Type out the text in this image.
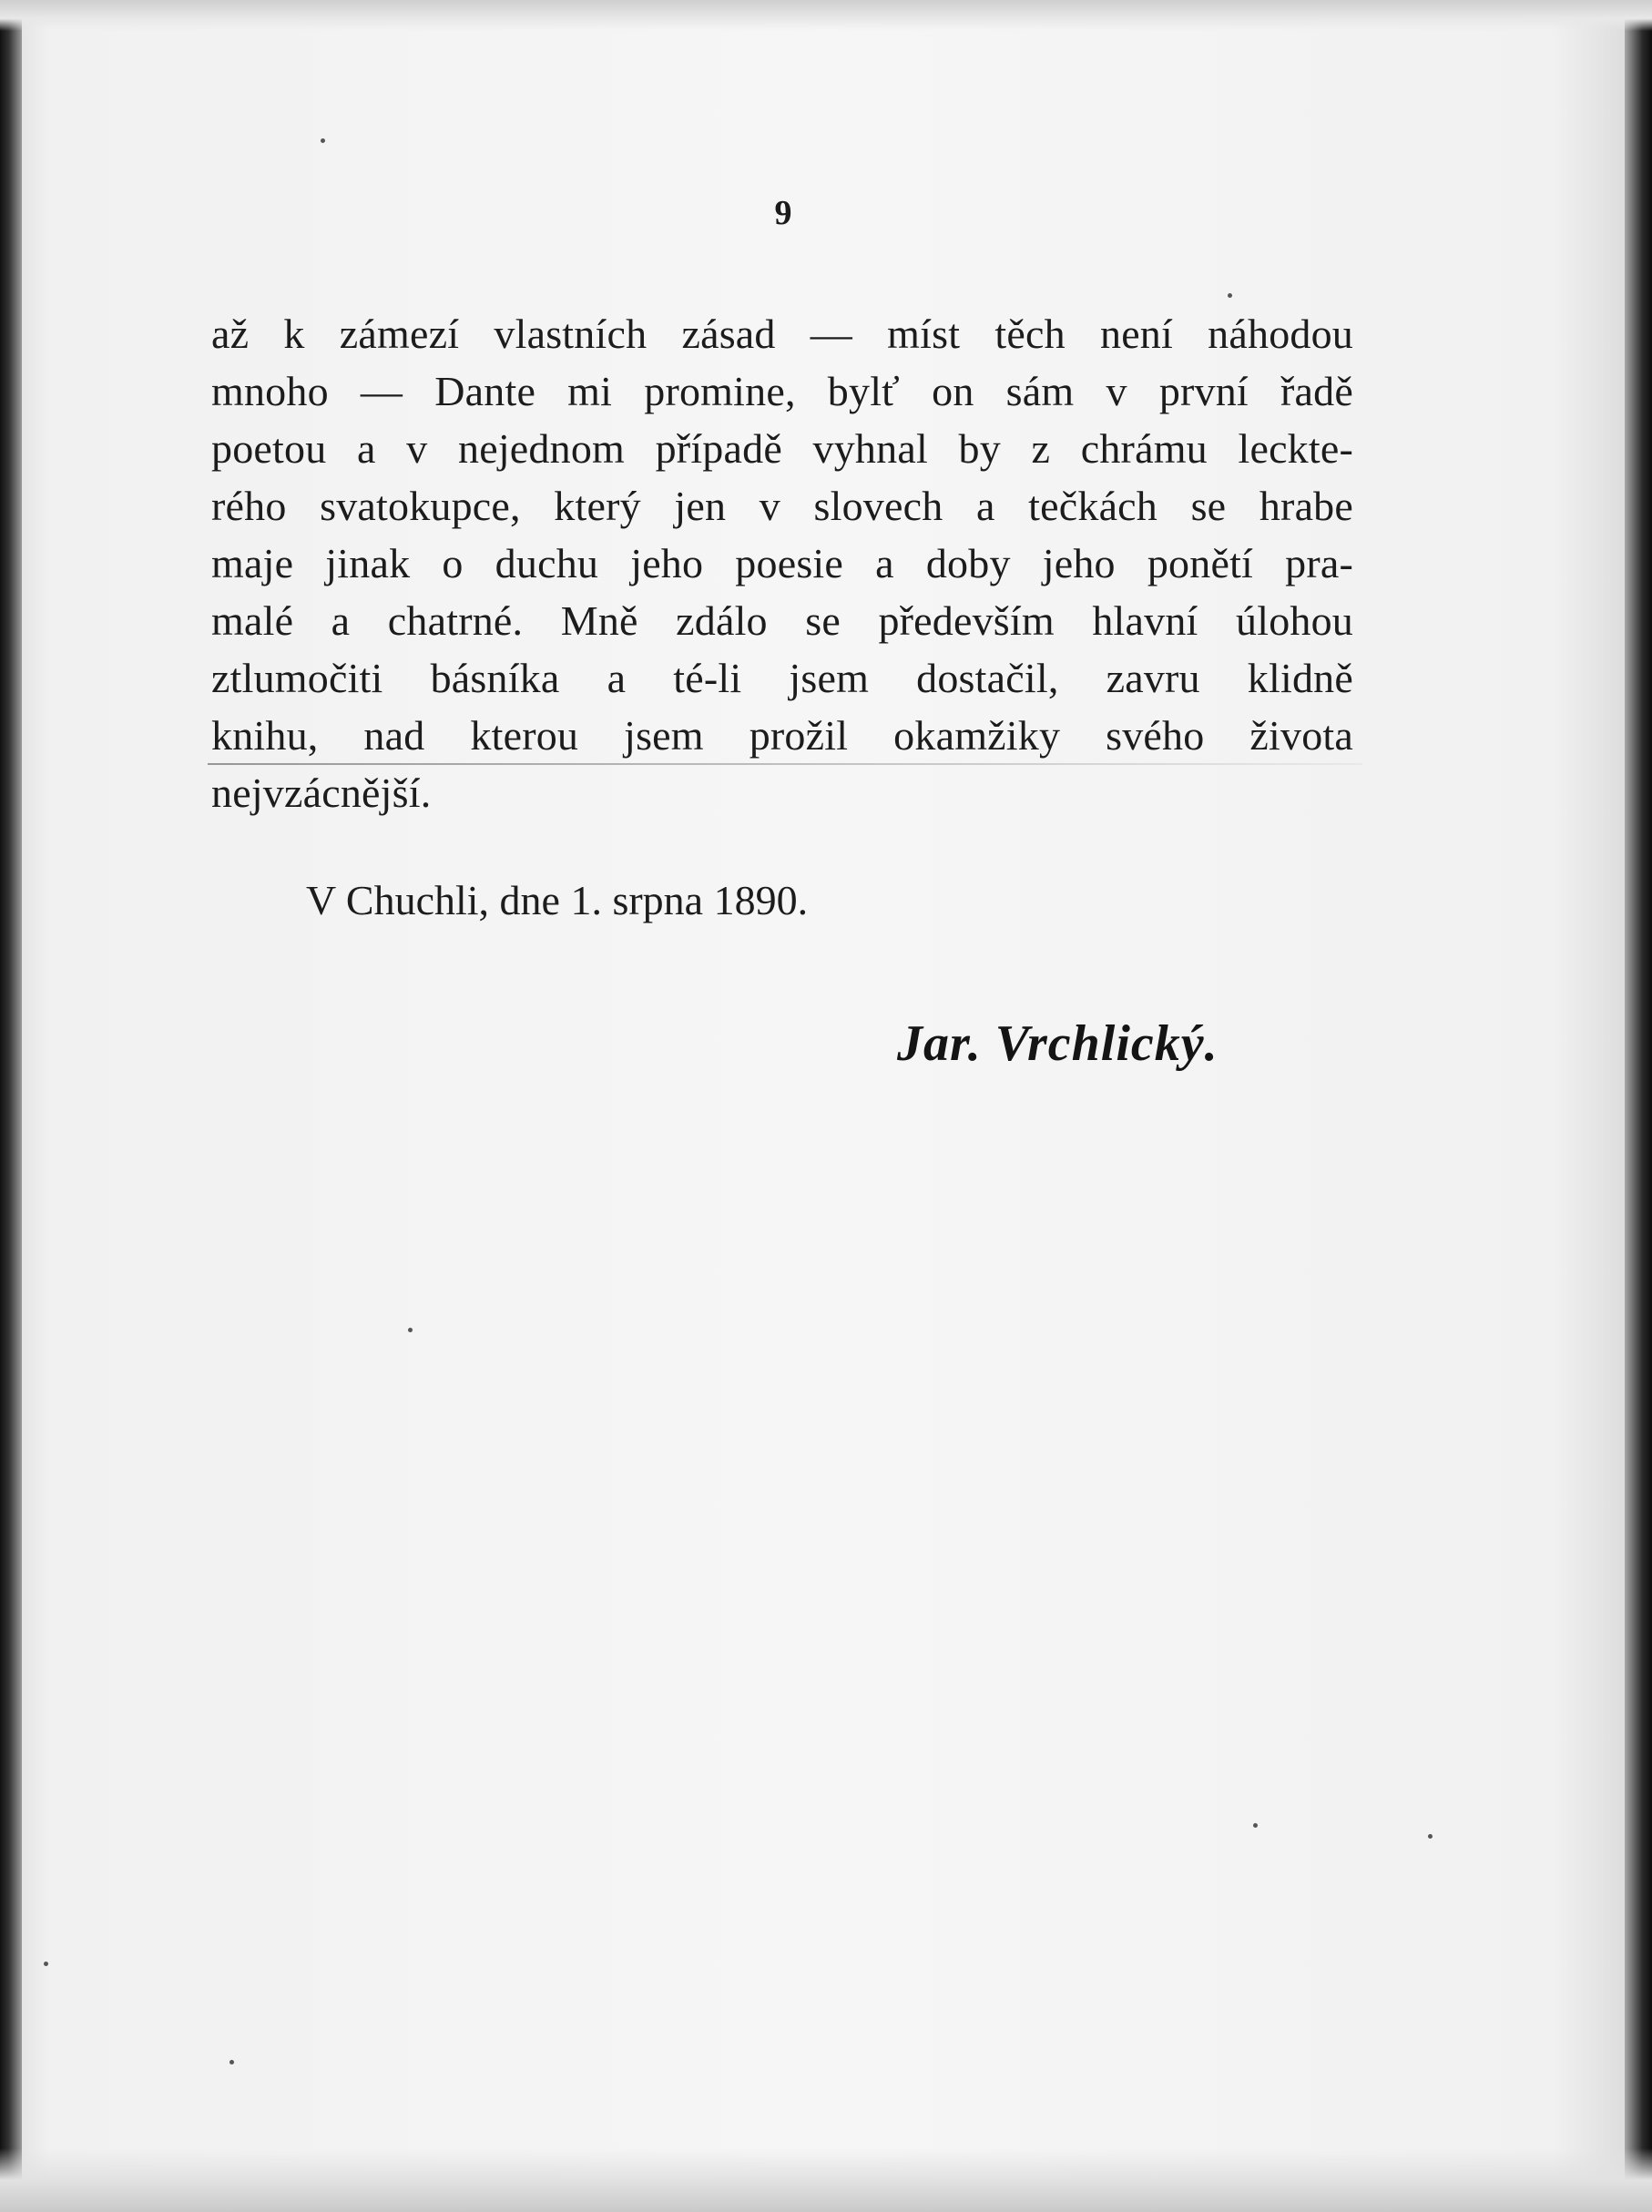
9
až k zámezí vlastních zásad — míst těch není náhodou
mnoho — Dante mi promine, bylť on sám v první řadě
poetou a v nejednom případě vyhnal by z chrámu leckte-
rého svatokupce, který jen v slovech a tečkách se hrabe
maje jinak o duchu jeho poesie a doby jeho ponětí pra-
malé a chatrné. Mně zdálo se především hlavní úlohou
ztlumočiti básníka a té-li jsem dostačil, zavru klidně
knihu, nad kterou jsem prožil okamžiky svého života
nejvzácnější.
V Chuchli, dne 1. srpna 1890.
Jar. Vrchlický.
